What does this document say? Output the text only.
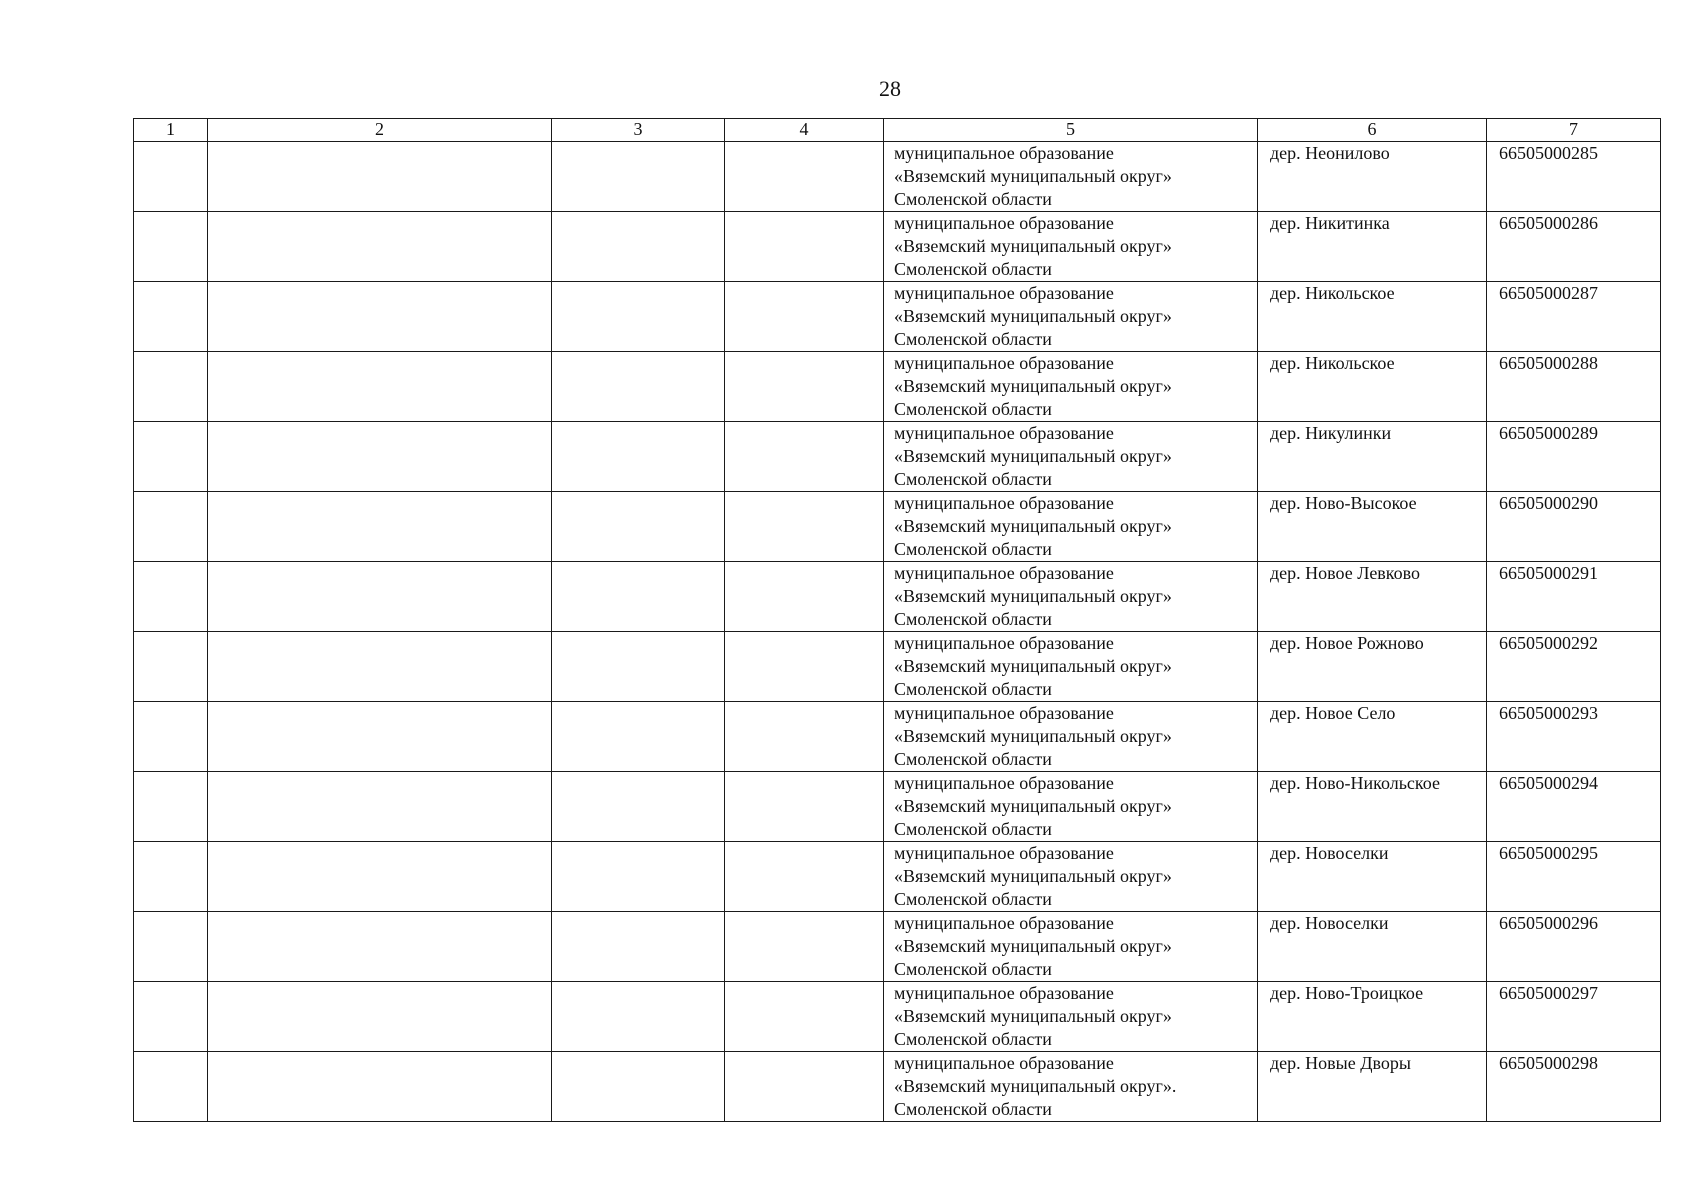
28
1	2	3	4	5	6	7

				муниципальное образование
«Вяземский муниципальный округ»
Смоленской области	дер. Неонилово	66505000285

				муниципальное образование
«Вяземский муниципальный округ»
Смоленской области	дер. Никитинка	66505000286

				муниципальное образование
«Вяземский муниципальный округ»
Смоленской области	дер. Никольское	66505000287

				муниципальное образование
«Вяземский муниципальный округ»
Смоленской области	дер. Никольское	66505000288

				муниципальное образование
«Вяземский муниципальный округ»
Смоленской области	дер. Никулинки	66505000289

				муниципальное образование
«Вяземский муниципальный округ»
Смоленской области	дер. Ново-Высокое	66505000290

				муниципальное образование
«Вяземский муниципальный округ»
Смоленской области	дер. Новое Левково	66505000291

				муниципальное образование
«Вяземский муниципальный округ»
Смоленской области	дер. Новое Рожново	66505000292

				муниципальное образование
«Вяземский муниципальный округ»
Смоленской области	дер. Новое Село	66505000293

				муниципальное образование
«Вяземский муниципальный округ»
Смоленской области	дер. Ново-Никольское	66505000294

				муниципальное образование
«Вяземский муниципальный округ»
Смоленской области	дер. Новоселки	66505000295

				муниципальное образование
«Вяземский муниципальный округ»
Смоленской области	дер. Новоселки	66505000296

				муниципальное образование
«Вяземский муниципальный округ»
Смоленской области	дер. Ново-Троицкое	66505000297

				муниципальное образование
«Вяземский муниципальный округ».
Смоленской области	дер. Новые Дворы	66505000298
